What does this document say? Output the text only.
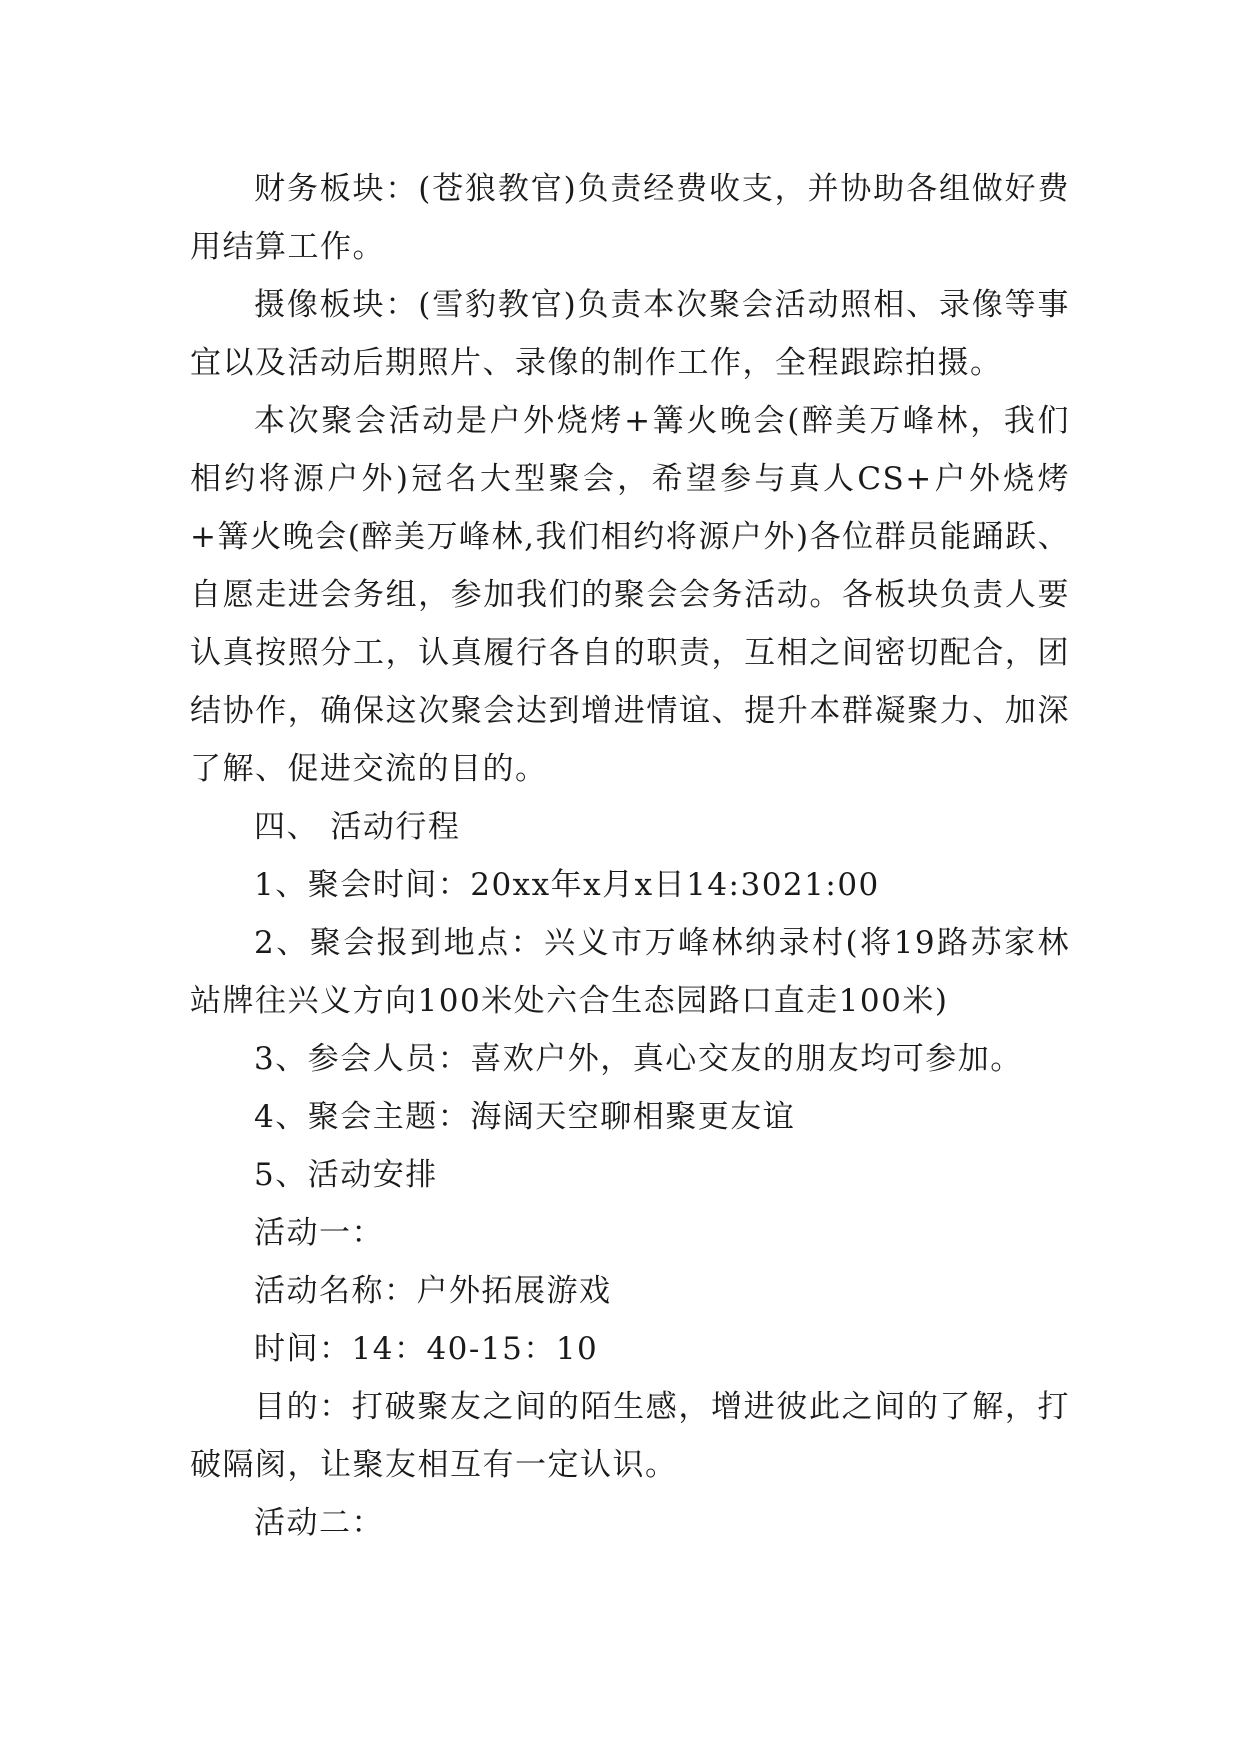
财务板块：(苍狼教官)负责经费收支，并协助各组做好费用结算工作。

摄像板块：(雪豹教官)负责本次聚会活动照相、录像等事宜以及活动后期照片、录像的制作工作，全程跟踪拍摄。

本次聚会活动是户外烧烤+篝火晚会(醉美万峰林，我们相约将源户外)冠名大型聚会，希望参与真人CS+户外烧烤+篝火晚会(醉美万峰林,我们相约将源户外)各位群员能踊跃、自愿走进会务组，参加我们的聚会会务活动。各板块负责人要认真按照分工，认真履行各自的职责，互相之间密切配合，团结协作，确保这次聚会达到增进情谊、提升本群凝聚力、加深了解、促进交流的目的。

四、 活动行程

1、聚会时间：20xx年x月x日14:3021:00

2、聚会报到地点：兴义市万峰林纳录村(将19路苏家林站牌往兴义方向100米处六合生态园路口直走100米)

3、参会人员：喜欢户外，真心交友的朋友均可参加。

4、聚会主题：海阔天空聊相聚更友谊

5、活动安排

活动一：

活动名称：户外拓展游戏

时间：14：40-15：10

目的：打破聚友之间的陌生感，增进彼此之间的了解，打破隔阂，让聚友相互有一定认识。

活动二：
